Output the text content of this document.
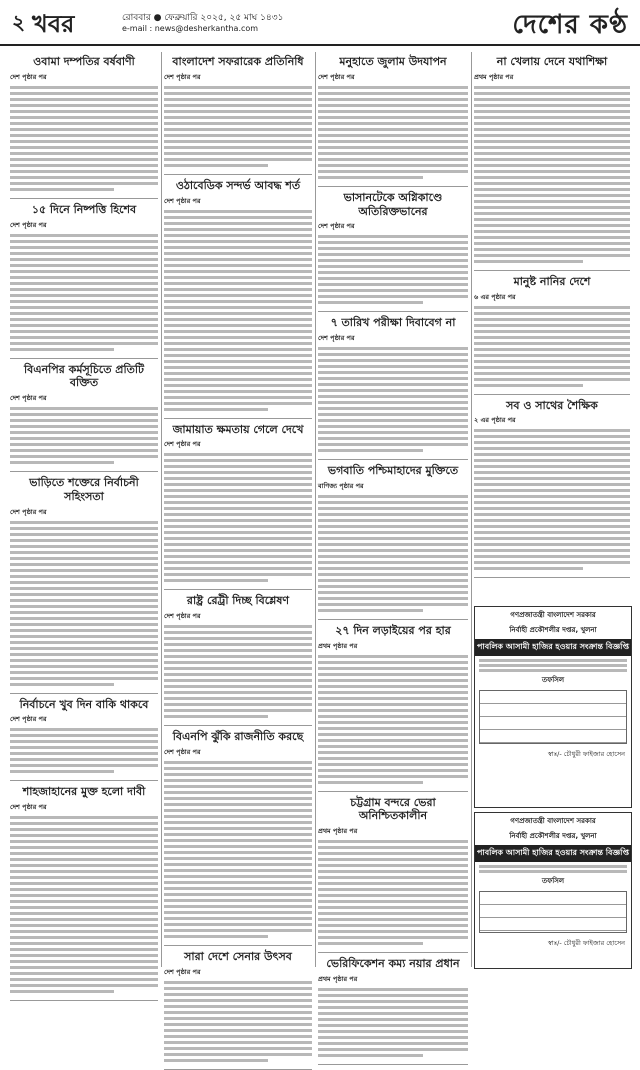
২ খবর	রোববার ● ফেব্রুয়ারি ২০২৫, ২৫ মাঘ ১৪৩১
e-mail : news@desherkantha.com	দেশের কণ্ঠ
ওবামা দম্পতির বর্ষবাণী
দেশ পৃষ্ঠার পর
১৫ দিনে নিষ্পত্তি হিশেব
দেশ পৃষ্ঠার পর
বিএনপির কর্মসূচিতে প্রতিটি বক্তিত
দেশ পৃষ্ঠার পর
ভাড়িতে শক্তেরে নির্বাচনী সহিংসতা
দেশ পৃষ্ঠার পর
নির্বাচনে খুব দিন বাকি থাকবে
দেশ পৃষ্ঠার পর
শাহজাহানের মুক্ত হলো দাবী
দেশ পৃষ্ঠার পর
বাংলাদেশ সফরারেক প্রতিনিধি
দেশ পৃষ্ঠার পর
ওঠাবেডিক সন্দর্ভ আবদ্ধ শর্ত
দেশ পৃষ্ঠার পর
জামায়াত ক্ষমতায় গেলে দেখে
দেশ পৃষ্ঠার পর
রাষ্ট্র রেট্রী দিচ্ছ বিশ্লেষণ
দেশ পৃষ্ঠার পর
বিএনপি ঝুঁকি রাজনীতি করছে
দেশ পৃষ্ঠার পর
সারা দেশে সেনার উৎসব
দেশ পৃষ্ঠার পর
মনুহাতে জুলাম উদযাপন
দেশ পৃষ্ঠার পর
ভাসানটেকে অগ্নিকাণ্ডে অতিরিক্তভানের
দেশ পৃষ্ঠার পর
৭ তারিখ পরীক্ষা দিবাবেগ না
দেশ পৃষ্ঠার পর
ভগবাতি পশ্চিমাহাদের মুক্তিতে
বাণিজ্য পৃষ্ঠার পর
২৭ দিন লড়াইয়ের পর হার
প্রথম পৃষ্ঠার পর
চট্টগ্রাম বন্দরে ভেরা অনিশ্চিতকালীন
প্রথম পৃষ্ঠার পর
ভেরিফিকেশন কম্য নয়ার প্রধান
প্রথম পৃষ্ঠার পর
না খেলায় দেনে যথাশিক্ষা
প্রথম পৃষ্ঠার পর
মানুষ্ট নানির দেশে
৬ এর পৃষ্ঠার পর
সব ও সাথের শৈক্ষিক
২ এর পৃষ্ঠার পর
গণপ্রজাতন্ত্রী বাংলাদেশ সরকার
নির্বাহী প্রকৌশলীর দপ্তর, খুলনা
পাবলিক আসামী হাজির হওয়ার সংক্রান্ত বিজ্ঞপ্তি
তফসিল
স্বাঃ/- চৌধুরী ফাইজার হোসেন
গণপ্রজাতন্ত্রী বাংলাদেশ সরকার
নির্বাহী প্রকৌশলীর দপ্তর, খুলনা
পাবলিক আসামী হাজির হওয়ার সংক্রান্ত বিজ্ঞপ্তি
তফসিল
স্বাঃ/- চৌধুরী ফাইজার হোসেন
